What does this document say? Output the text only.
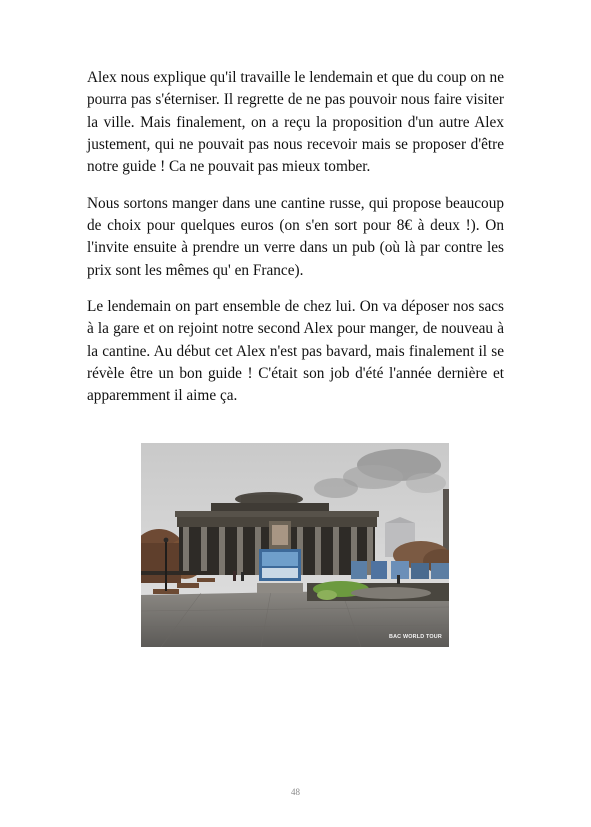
Alex nous explique qu'il travaille le lendemain et que du coup on ne pourra pas s'éterniser. Il regrette de ne pas pouvoir nous faire visiter la ville. Mais finalement, on a reçu la proposition d'un autre Alex justement, qui ne pouvait pas nous recevoir mais se proposer d'être notre guide ! Ca ne pouvait pas mieux tomber.

Nous sortons manger dans une cantine russe, qui propose beaucoup de choix pour quelques euros (on s'en sort pour 8€ à deux !). On l'invite ensuite à prendre un verre dans un pub (où là par contre les prix sont les mêmes qu' en France).

Le lendemain on part ensemble de chez lui. On va déposer nos sacs à la gare et on rejoint notre second Alex pour manger, de nouveau à la cantine. Au début cet Alex n'est pas bavard, mais finalement il se révèle être un bon guide ! C'était son job d'été l'année dernière et apparemment il aime ça.

BAC WORLD TOUR
48
